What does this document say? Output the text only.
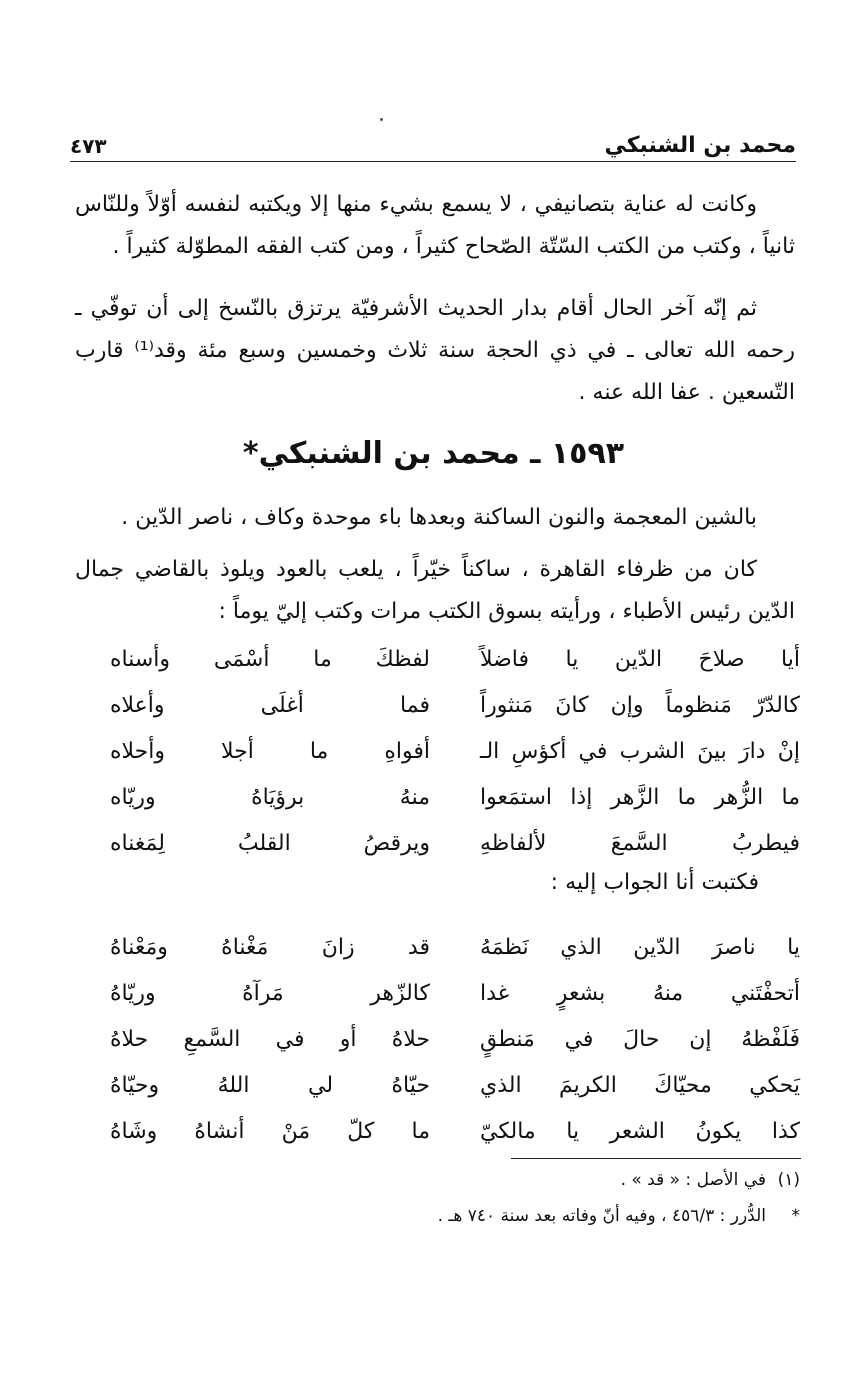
محمد بن الشنبكي
٤٧٣
وكانت له عناية بتصانيفي ، لا يسمع بشيء منها إلا ويكتبه لنفسه أوّلاً وللنّاس ثانياً ، وكتب من الكتب السّتّة الصّحاح كثيراً ، ومن كتب الفقه المطوّلة كثيراً .
ثم إنّه آخر الحال أقام بدار الحديث الأشرفيّة يرتزق بالنّسخ إلى أن توفّي ـ رحمه الله تعالى ـ في ذي الحجة سنة ثلاث وخمسين وسبع مئة وقد⁽¹⁾ قارب التّسعين . عفا الله عنه .
١٥٩٣ ـ محمد بن الشنبكي*
بالشين المعجمة والنون الساكنة وبعدها باء موحدة وكاف ، ناصر الدّين .
كان من ظرفاء القاهرة ، ساكناً خيّراً ، يلعب بالعود ويلوذ بالقاضي جمال الدّين رئيس الأطباء ، ورأيته بسوق الكتب مرات وكتب إليّ يوماً :
أيا صلاحَ الدّين يا فاضلاً
لفظكَ ما أسْمَى وأسناه
كالدّرّ مَنظوماً وإن كانَ مَنثوراً
فما أغلَى وأعلاه
إنْ دارَ بينَ الشرب في أكؤسِ الـ
أفواهِ ما أجلا وأحلاه
ما الزُّهر ما الزَّهر إذا استمَعوا
منهُ برؤيَاهُ وريّاه
فيطربُ السَّمعَ لألفاظهِ
ويرقصُ القلبُ لِمَغناه
فكتبت أنا الجواب إليه :
يا ناصرَ الدّين الذي نَظمَهُ
قد زانَ مَغْناهُ ومَعْناهُ
أتحفْتَني منهُ بشعرٍ غدا
كالزّهر مَرآهُ وريّاهُ
فَلَفْظهُ إن حالَ في مَنطقٍ
حلاهُ أو في السَّمعِ حلاهُ
يَحكي محيّاكَ الكريمَ الذي
حيّاهُ لي اللهُ وحيّاهُ
كذا يكونُ الشعر يا مالكيّ
ما كلّ مَنْ أنشاهُ وشَاهُ
(١)
في الأصل : « قد » .
*
الدُّرر : ٤٥٦/٣ ، وفيه أنّ وفاته بعد سنة ٧٤٠ هـ .
